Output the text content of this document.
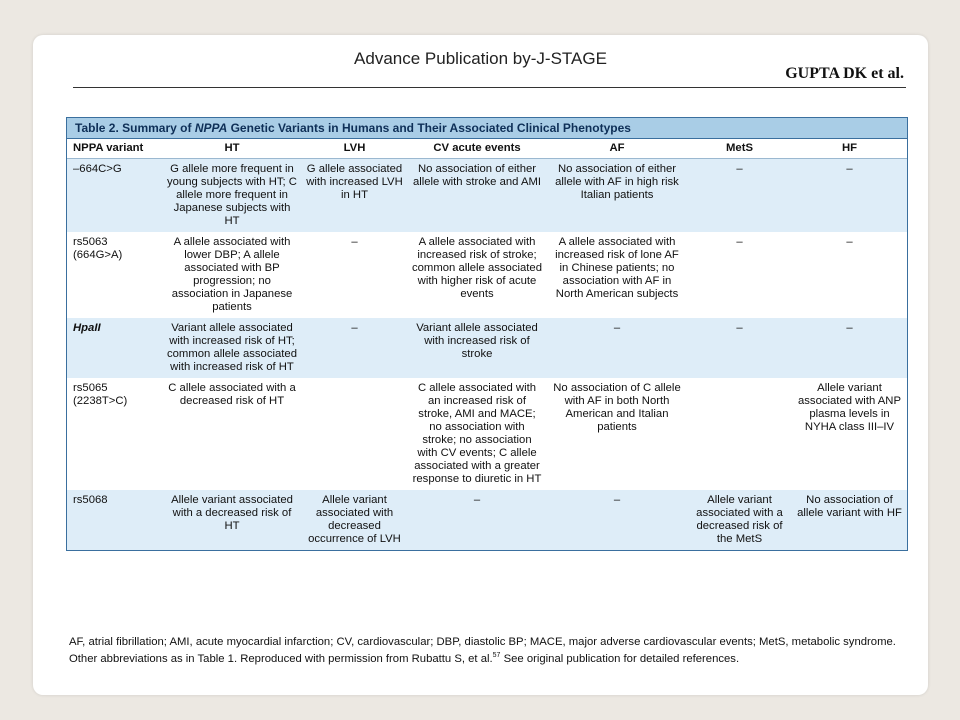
Advance Publication by-J-STAGE
GUPTA DK et al.
Table 2. Summary of NPPA Genetic Variants in Humans and Their Associated Clinical Phenotypes
NPPA variant	HT	LVH	CV acute events	AF	MetS	HF
–664C>G	G allele more frequent in young subjects with HT; C allele more frequent in Japanese subjects with HT	G allele associated with increased LVH in HT	No association of either allele with stroke and AMI	No association of either allele with AF in high risk Italian patients	–	–
rs5063 (664G>A)	A allele associated with lower DBP; A allele associated with BP progression; no association in Japanese patients	–	A allele associated with increased risk of stroke; common allele associated with higher risk of acute events	A allele associated with increased risk of lone AF in Chinese patients; no association with AF in North American subjects	–	–
HpaII	Variant allele associated with increased risk of HT; common allele associated with increased risk of HT	–	Variant allele associated with increased risk of stroke	–	–	–
rs5065 (2238T>C)	C allele associated with a decreased risk of HT		C allele associated with an increased risk of stroke, AMI and MACE; no association with stroke; no association with CV events; C allele associated with a greater response to diuretic in HT	No association of C allele with AF in both North American and Italian patients		Allele variant associated with ANP plasma levels in NYHA class III–IV
rs5068	Allele variant associated with a decreased risk of HT	Allele variant associated with decreased occurrence of LVH	–	–	Allele variant associated with a decreased risk of the MetS	No association of allele variant with HF
AF, atrial fibrillation; AMI, acute myocardial infarction; CV, cardiovascular; DBP, diastolic BP; MACE, major adverse cardiovascular events; MetS, metabolic syndrome. Other abbreviations as in Table 1. Reproduced with permission from Rubattu S, et al.$^{57}$ See original publication for detailed references.
